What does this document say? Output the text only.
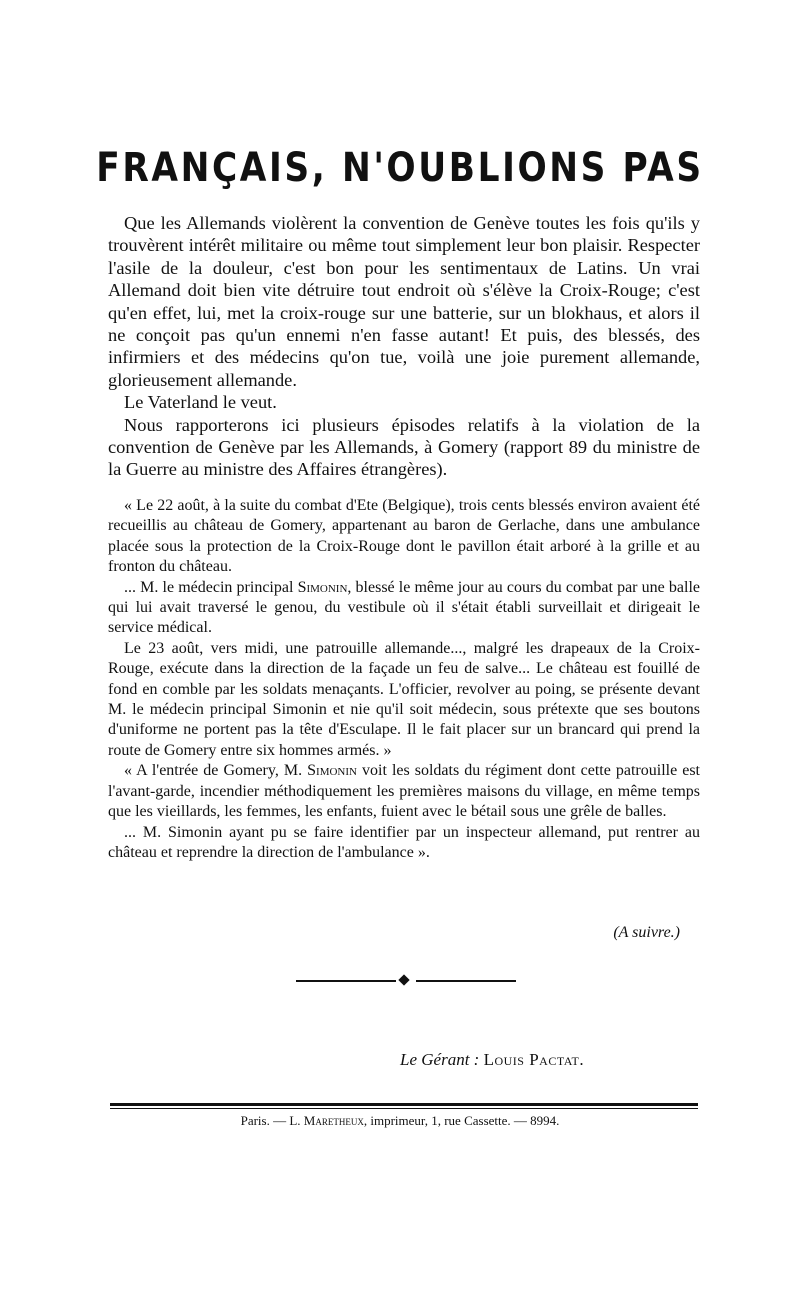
FRANÇAIS, N'OUBLIONS PAS

Que les Allemands violèrent la convention de Genève toutes les fois qu'ils y trouvèrent intérêt militaire ou même tout simplement leur bon plaisir. Respecter l'asile de la douleur, c'est bon pour les sentimentaux de Latins. Un vrai Allemand doit bien vite détruire tout endroit où s'élève la Croix-Rouge; c'est qu'en effet, lui, met la croix-rouge sur une batterie, sur un blokhaus, et alors il ne conçoit pas qu'un ennemi n'en fasse autant! Et puis, des blessés, des infirmiers et des médecins qu'on tue, voilà une joie purement allemande, glorieusement allemande.

Le Vaterland le veut.

Nous rapporterons ici plusieurs épisodes relatifs à la violation de la convention de Genève par les Allemands, à Gomery (rapport 89 du ministre de la Guerre au ministre des Affaires étrangères).

« Le 22 août, à la suite du combat d'Ete (Belgique), trois cents blessés environ avaient été recueillis au château de Gomery, appartenant au baron de Gerlache, dans une ambulance placée sous la protection de la Croix-Rouge dont le pavillon était arboré à la grille et au fronton du château.

... M. le médecin principal Simonin, blessé le même jour au cours du combat par une balle qui lui avait traversé le genou, du vestibule où il s'était établi surveillait et dirigeait le service médical.

Le 23 août, vers midi, une patrouille allemande..., malgré les drapeaux de la Croix-Rouge, exécute dans la direction de la façade un feu de salve... Le château est fouillé de fond en comble par les soldats menaçants. L'officier, revolver au poing, se présente devant M. le médecin principal Simonin et nie qu'il soit médecin, sous prétexte que ses boutons d'uniforme ne portent pas la tête d'Esculape. Il le fait placer sur un brancard qui prend la route de Gomery entre six hommes armés. »

« A l'entrée de Gomery, M. Simonin voit les soldats du régiment dont cette patrouille est l'avant-garde, incendier méthodiquement les premières maisons du village, en même temps que les vieillards, les femmes, les enfants, fuient avec le bétail sous une grêle de balles.

... M. Simonin ayant pu se faire identifier par un inspecteur allemand, put rentrer au château et reprendre la direction de l'ambulance ».

(A suivre.)
Le Gérant : Louis Pactat.
Paris. — L. Maretheux, imprimeur, 1, rue Cassette. — 8994.
